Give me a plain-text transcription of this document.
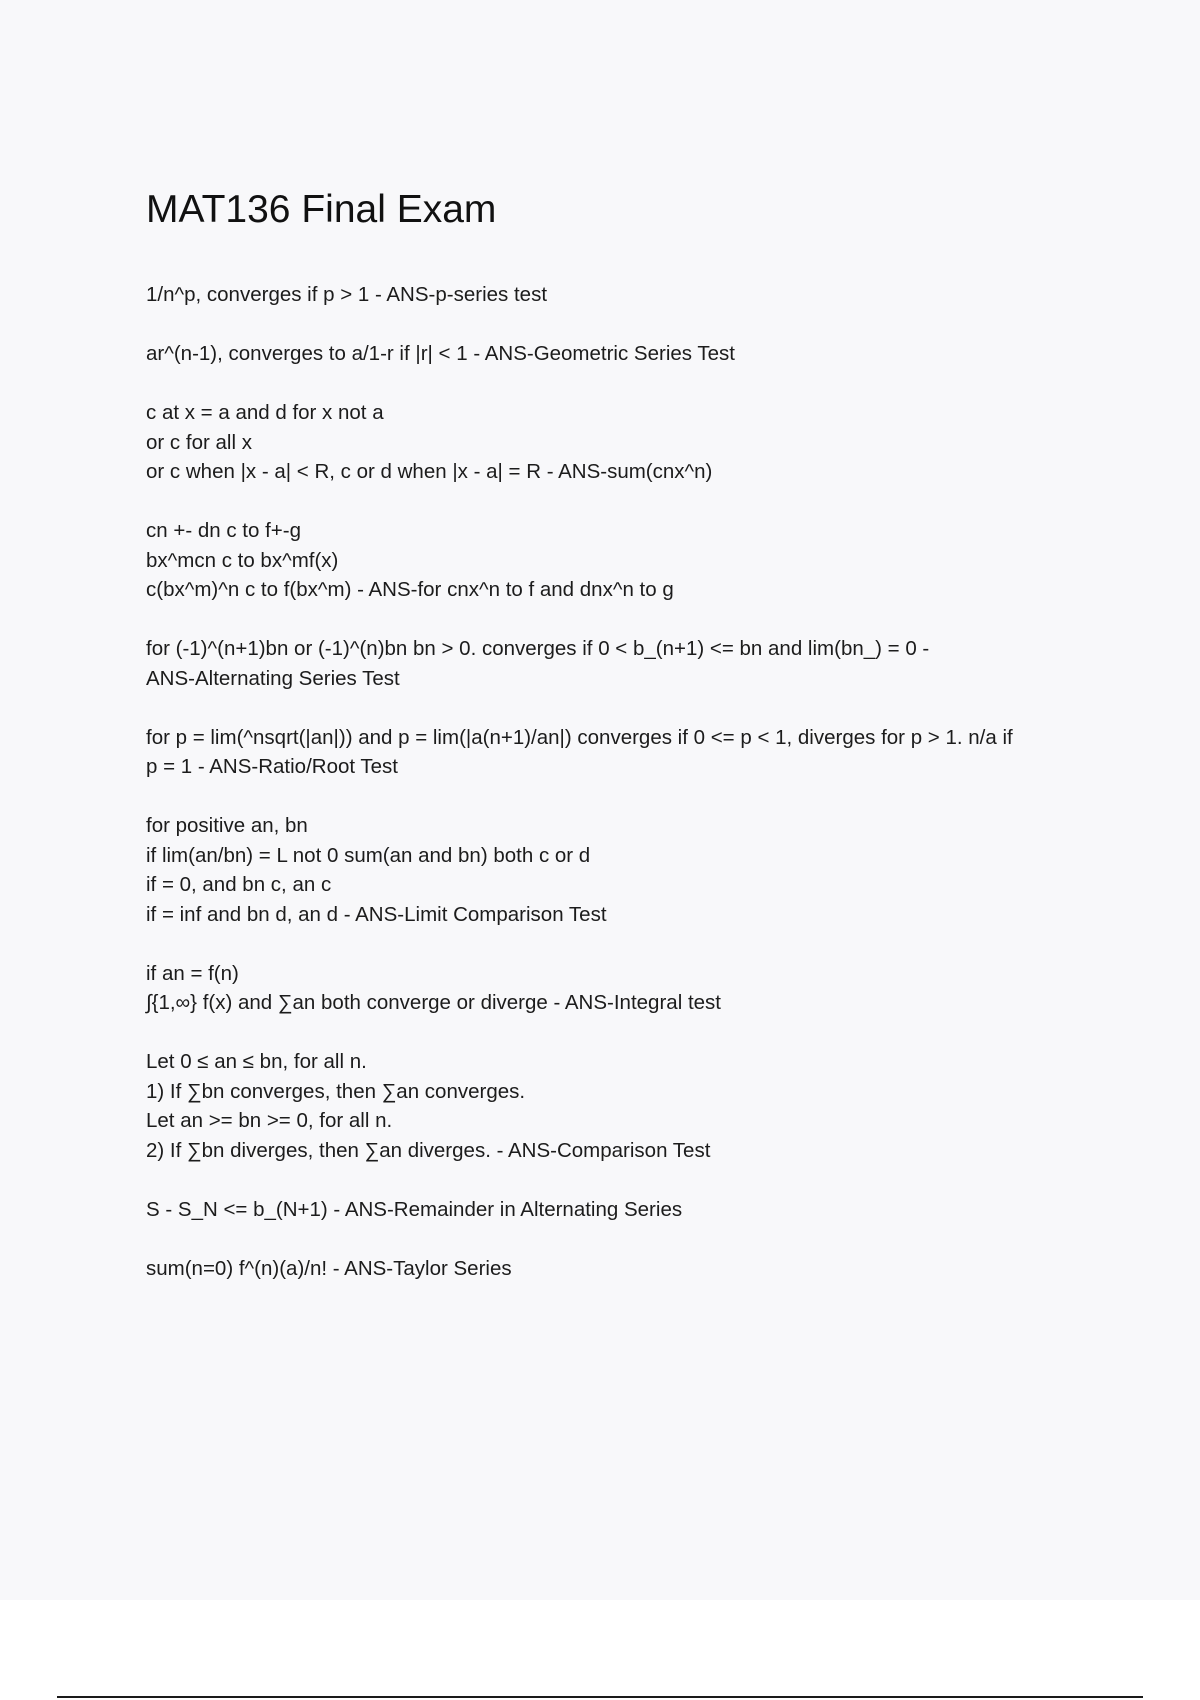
MAT136 Final Exam
1/n^p, converges if p > 1 - ANS-p-series test
ar^(n-1), converges to a/1-r if |r| < 1 - ANS-Geometric Series Test
c at x = a and d for x not a
or c for all x
or c when |x - a| < R, c or d when |x - a| = R - ANS-sum(cnx^n)
cn +- dn c to f+-g
bx^mcn c to bx^mf(x)
c(bx^m)^n c to f(bx^m) - ANS-for cnx^n to f and dnx^n to g
for (-1)^(n+1)bn or (-1)^(n)bn bn > 0. converges if 0 < b_(n+1) <= bn and lim(bn_) = 0 -
ANS-Alternating Series Test
for p = lim(^nsqrt(|an|)) and p = lim(|a(n+1)/an|) converges if 0 <= p < 1, diverges for p > 1. n/a if
p = 1 - ANS-Ratio/Root Test
for positive an, bn
if lim(an/bn) = L not 0 sum(an and bn) both c or d
if = 0, and bn c, an c
if = inf and bn d, an d - ANS-Limit Comparison Test
if an = f(n)
∫{1,∞} f(x) and ∑an both converge or diverge - ANS-Integral test
Let 0 ≤ an ≤ bn, for all n.
1) If ∑bn converges, then ∑an converges.
Let an >= bn >= 0, for all n.
2) If ∑bn diverges, then ∑an diverges. - ANS-Comparison Test
S - S_N <= b_(N+1) - ANS-Remainder in Alternating Series
sum(n=0) f^(n)(a)/n! - ANS-Taylor Series
